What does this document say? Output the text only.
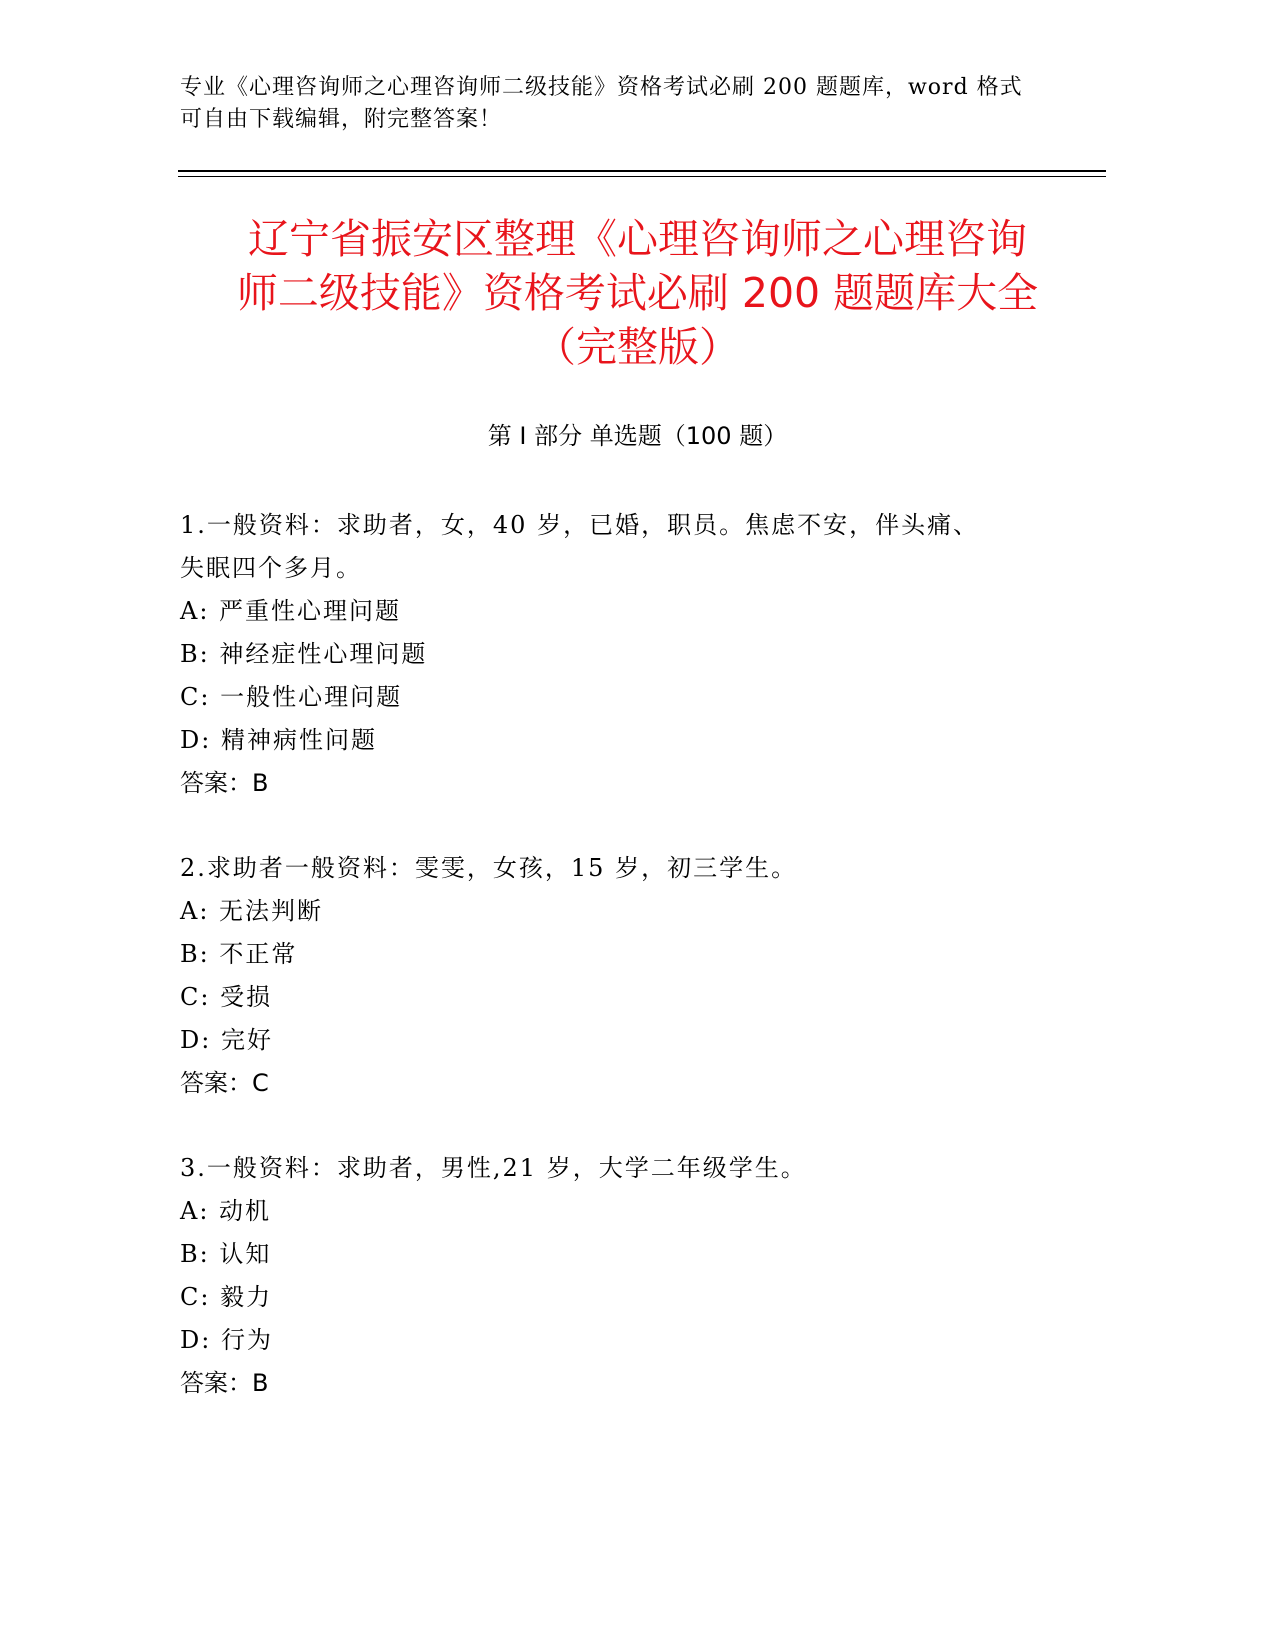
专业《心理咨询师之心理咨询师二级技能》资格考试必刷 200 题题库，word 格式
可自由下载编辑，附完整答案！
辽宁省振安区整理《心理咨询师之心理咨询
师二级技能》资格考试必刷 200 题题库大全
（完整版）
第 I 部分 单选题（100 题）
1.一般资料：求助者，女，40 岁，已婚，职员。焦虑不安，伴头痛、
失眠四个多月。
A: 严重性心理问题
B: 神经症性心理问题
C: 一般性心理问题
D: 精神病性问题
答案：B
2.求助者一般资料：雯雯，女孩，15 岁，初三学生。
A: 无法判断
B: 不正常
C: 受损
D: 完好
答案：C
3.一般资料：求助者，男性,21 岁，大学二年级学生。
A: 动机
B: 认知
C: 毅力
D: 行为
答案：B
